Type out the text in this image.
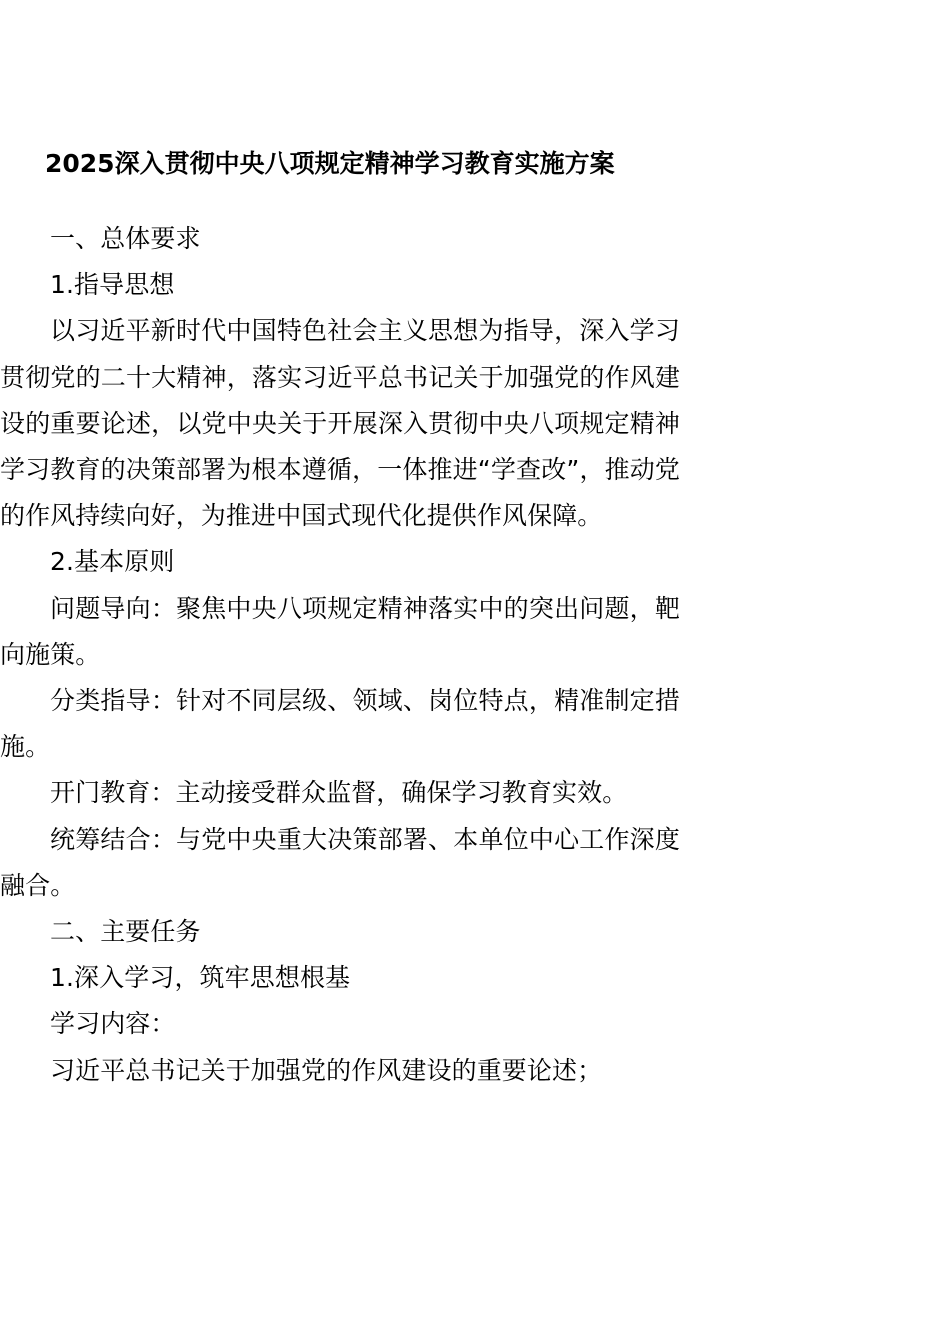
2025深入贯彻中央八项规定精神学习教育实施方案

一、总体要求

1.指导思想

以习近平新时代中国特色社会主义思想为指导，深入学习贯彻党的二十大精神，落实习近平总书记关于加强党的作风建设的重要论述，以党中央关于开展深入贯彻中央八项规定精神学习教育的决策部署为根本遵循，一体推进“学查改”，推动党的作风持续向好，为推进中国式现代化提供作风保障。

2.基本原则

问题导向：聚焦中央八项规定精神落实中的突出问题，靶向施策。

分类指导：针对不同层级、领域、岗位特点，精准制定措施。

开门教育：主动接受群众监督，确保学习教育实效。

统筹结合：与党中央重大决策部署、本单位中心工作深度融合。

二、主要任务

1.深入学习，筑牢思想根基

学习内容：

习近平总书记关于加强党的作风建设的重要论述；
